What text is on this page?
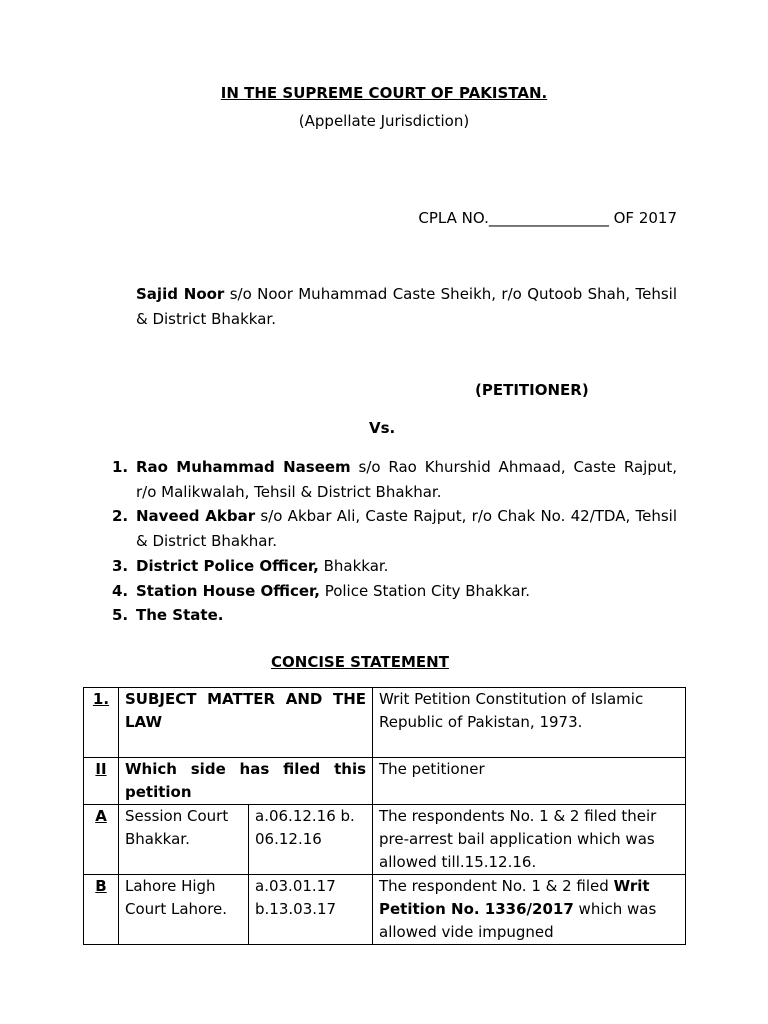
IN THE SUPREME COURT OF PAKISTAN.
(Appellate Jurisdiction)
CPLA NO.________________ OF 2017
Sajid Noor s/o Noor Muhammad Caste Sheikh, r/o Qutoob Shah, Tehsil & District Bhakkar.
(PETITIONER)
Vs.
1. Rao Muhammad Naseem s/o Rao Khurshid Ahmaad, Caste Rajput, r/o Malikwalah, Tehsil & District Bhakhar.
2. Naveed Akbar s/o Akbar Ali, Caste Rajput, r/o Chak No. 42/TDA, Tehsil & District Bhakhar.
3. District Police Officer, Bhakkar.
4. Station House Officer, Police Station City Bhakkar.
5. The State.
CONCISE STATEMENT
1.	SUBJECT MATTER AND THE LAW		Writ Petition Constitution of Islamic Republic of Pakistan, 1973.
II	Which side has filed this petition		The petitioner
A	Session Court Bhakkar.	a.06.12.16 b. 06.12.16	The respondents No. 1 & 2 filed their pre-arrest bail application which was allowed till.15.12.16.
B	Lahore High Court Lahore.	a.03.01.17 b.13.03.17	The respondent No. 1 & 2 filed Writ Petition No. 1336/2017 which was allowed vide impugned
